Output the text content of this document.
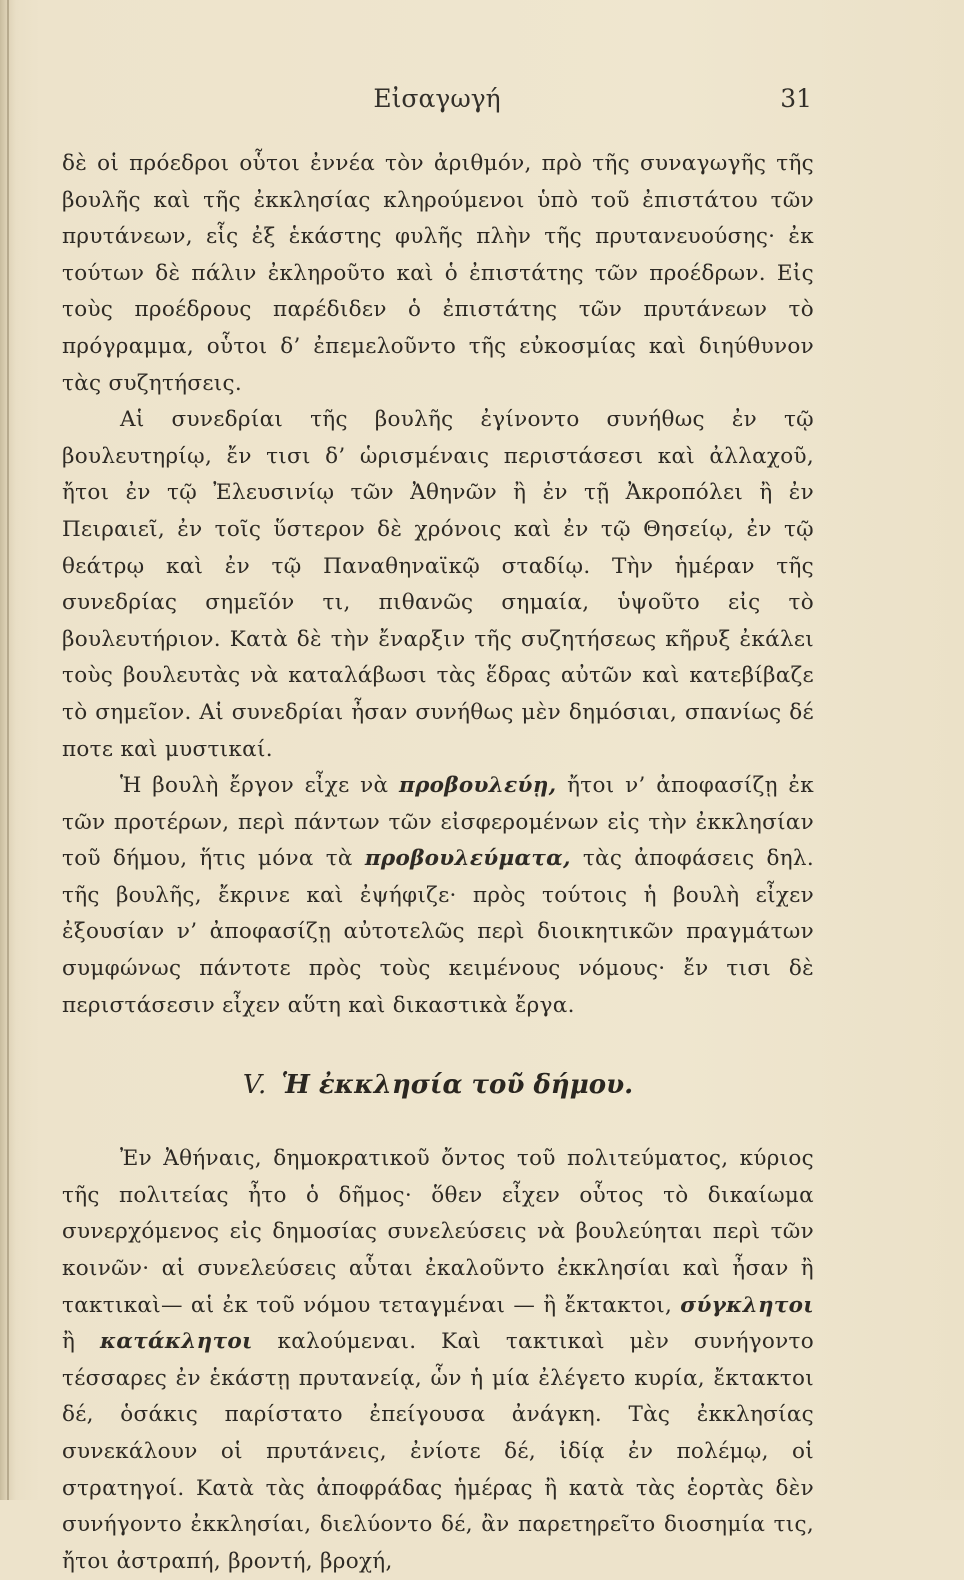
Εἰσαγωγή	31

δὲ οἱ πρόεδροι οὗτοι ἐννέα τὸν ἀριθμόν, πρὸ τῆς συναγωγῆς τῆς βουλῆς καὶ τῆς ἐκκλησίας κληρούμενοι ὑπὸ τοῦ ἐπιστάτου τῶν πρυτάνεων, εἷς ἐξ ἑκάστης φυλῆς πλὴν τῆς πρυτανευούσης· ἐκ τούτων δὲ πάλιν ἐκληροῦτο καὶ ὁ ἐπιστάτης τῶν προέδρων. Εἰς τοὺς προέδρους παρέδιδεν ὁ ἐπιστάτης τῶν πρυτάνεων τὸ πρόγραμμα, οὗτοι δ’ ἐπεμελοῦντο τῆς εὐκοσμίας καὶ διηύθυνον τὰς συζητήσεις.

Αἱ συνεδρίαι τῆς βουλῆς ἐγίνοντο συνήθως ἐν τῷ βουλευτηρίῳ, ἔν τισι δ’ ὡρισμέναις περιστάσεσι καὶ ἀλλαχοῦ, ἤτοι ἐν τῷ Ἐλευσινίῳ τῶν Ἀθηνῶν ἢ ἐν τῇ Ἀκροπόλει ἢ ἐν Πειραιεῖ, ἐν τοῖς ὕστερον δὲ χρόνοις καὶ ἐν τῷ Θησείῳ, ἐν τῷ θεάτρῳ καὶ ἐν τῷ Παναθηναϊκῷ σταδίῳ. Τὴν ἡμέραν τῆς συνεδρίας σημεῖόν τι, πιθανῶς σημαία, ὑψοῦτο εἰς τὸ βουλευτήριον. Κατὰ δὲ τὴν ἔναρξιν τῆς συζητήσεως κῆρυξ ἐκάλει τοὺς βουλευτὰς νὰ καταλάβωσι τὰς ἕδρας αὐτῶν καὶ κατεβίβαζε τὸ σημεῖον. Αἱ συνεδρίαι ἦσαν συνήθως μὲν δημόσιαι, σπανίως δέ ποτε καὶ μυστικαί.

Ἡ βουλὴ ἔργον εἶχε νὰ προβουλεύῃ, ἤτοι ν’ ἀποφασίζῃ ἐκ τῶν προτέρων, περὶ πάντων τῶν εἰσφερομένων εἰς τὴν ἐκκλησίαν τοῦ δήμου, ἥτις μόνα τὰ προβουλεύματα, τὰς ἀποφάσεις δηλ. τῆς βουλῆς, ἔκρινε καὶ ἐψήφιζε· πρὸς τούτοις ἡ βουλὴ εἶχεν ἐξουσίαν ν’ ἀποφασίζῃ αὐτοτελῶς περὶ διοικητικῶν πραγμάτων συμφώνως πάντοτε πρὸς τοὺς κειμένους νόμους· ἔν τισι δὲ περιστάσεσιν εἶχεν αὕτη καὶ δικαστικὰ ἔργα.

V. Ἡ ἐκκλησία τοῦ δήμου.

Ἐν Ἀθήναις, δημοκρατικοῦ ὄντος τοῦ πολιτεύματος, κύριος τῆς πολιτείας ἦτο ὁ δῆμος· ὅθεν εἶχεν οὗτος τὸ δικαίωμα συνερχόμενος εἰς δημοσίας συνελεύσεις νὰ βουλεύηται περὶ τῶν κοινῶν· αἱ συνελεύσεις αὗται ἐκαλοῦντο ἐκκλησίαι καὶ ἦσαν ἢ τακτικαὶ— αἱ ἐκ τοῦ νόμου τεταγμέναι — ἢ ἔκτακτοι, σύγκλητοι ἢ κατάκλητοι καλούμεναι. Καὶ τακτικαὶ μὲν συνήγοντο τέσσαρες ἐν ἑκάστῃ πρυτανείᾳ, ὧν ἡ μία ἐλέγετο κυρία, ἔκτακτοι δέ, ὁσάκις παρίστατο ἐπείγουσα ἀνάγκη. Τὰς ἐκκλησίας συνεκάλουν οἱ πρυτάνεις, ἐνίοτε δέ, ἰδίᾳ ἐν πολέμῳ, οἱ στρατηγοί. Κατὰ τὰς ἀποφράδας ἡμέρας ἢ κατὰ τὰς ἑορτὰς δὲν συνήγοντο ἐκκλησίαι, διελύοντο δέ, ἂν παρετηρεῖτο διοσημία τις, ἤτοι ἀστραπή, βροντή, βροχή,
